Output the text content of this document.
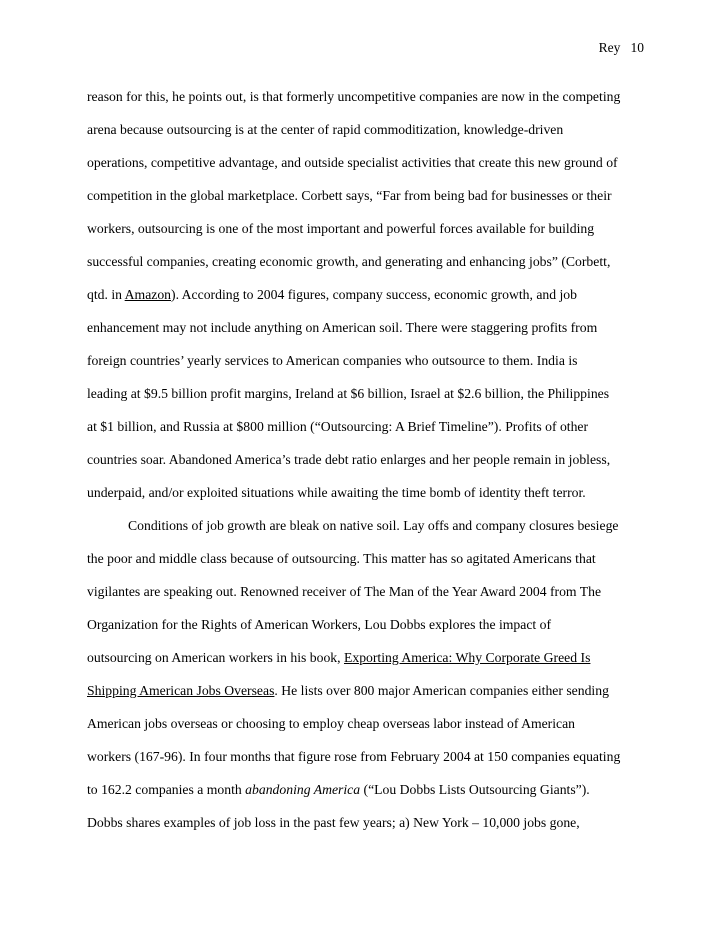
Rey 10
reason for this, he points out, is that formerly uncompetitive companies are now in the competing
arena because outsourcing is at the center of rapid commoditization, knowledge-driven
operations, competitive advantage, and outside specialist activities that create this new ground of
competition in the global marketplace. Corbett says, “Far from being bad for businesses or their
workers, outsourcing is one of the most important and powerful forces available for building
successful companies, creating economic growth, and generating and enhancing jobs” (Corbett,
qtd. in Amazon). According to 2004 figures, company success, economic growth, and job
enhancement may not include anything on American soil. There were staggering profits from
foreign countries’ yearly services to American companies who outsource to them. India is
leading at $9.5 billion profit margins, Ireland at $6 billion, Israel at $2.6 billion, the Philippines
at $1 billion, and Russia at $800 million (“Outsourcing: A Brief Timeline”). Profits of other
countries soar. Abandoned America’s trade debt ratio enlarges and her people remain in jobless,
underpaid, and/or exploited situations while awaiting the time bomb of identity theft terror.
Conditions of job growth are bleak on native soil. Lay offs and company closures besiege
the poor and middle class because of outsourcing. This matter has so agitated Americans that
vigilantes are speaking out. Renowned receiver of The Man of the Year Award 2004 from The
Organization for the Rights of American Workers, Lou Dobbs explores the impact of
outsourcing on American workers in his book, Exporting America: Why Corporate Greed Is
Shipping American Jobs Overseas. He lists over 800 major American companies either sending
American jobs overseas or choosing to employ cheap overseas labor instead of American
workers (167-96). In four months that figure rose from February 2004 at 150 companies equating
to 162.2 companies a month abandoning America (“Lou Dobbs Lists Outsourcing Giants”).
Dobbs shares examples of job loss in the past few years; a) New York – 10,000 jobs gone,
